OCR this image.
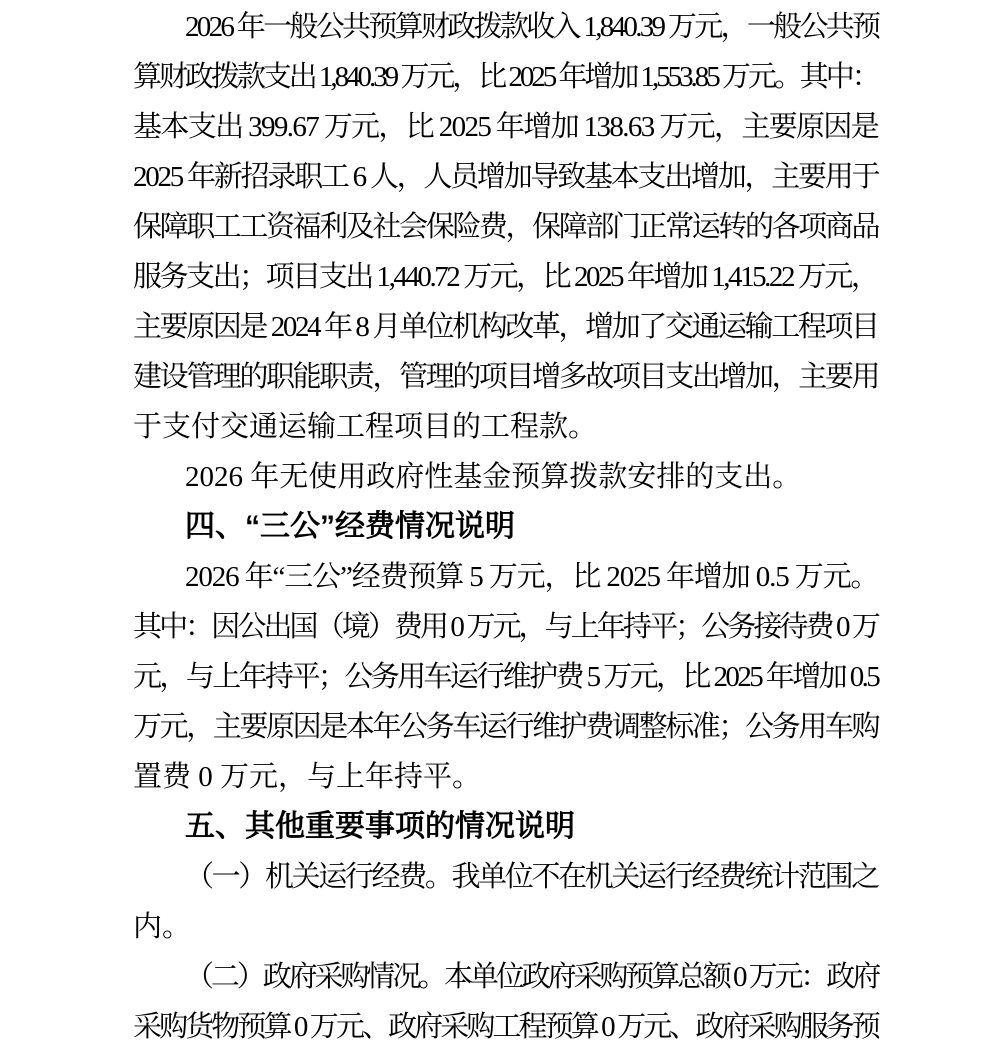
2026 年一般公共预算财政拨款收入 1,840.39 万元，一般公共预
算财政拨款支出 1,840.39 万元，比 2025 年增加 1,553.85 万元。其中：
基本支出 399.67 万元，比 2025 年增加 138.63 万元，主要原因是
2025 年新招录职工 6 人，人员增加导致基本支出增加，主要用于
保障职工工资福利及社会保险费，保障部门正常运转的各项商品
服务支出；项目支出 1,440.72 万元，比 2025 年增加 1,415.22 万元，
主要原因是 2024 年 8 月单位机构改革，增加了交通运输工程项目
建设管理的职能职责，管理的项目增多故项目支出增加，主要用
于支付交通运输工程项目的工程款。
2026 年无使用政府性基金预算拨款安排的支出。
四、“三公”经费情况说明
2026 年“三公”经费预算 5 万元，比 2025 年增加 0.5 万元。
其中：因公出国（境）费用 0 万元，与上年持平；公务接待费 0 万
元，与上年持平；公务用车运行维护费 5 万元，比 2025 年增加 0.5
万元，主要原因是本年公务车运行维护费调整标准；公务用车购
置费 0 万元，与上年持平。
五、其他重要事项的情况说明
（一）机关运行经费。我单位不在机关运行经费统计范围之
内。
（二）政府采购情况。本单位政府采购预算总额 0 万元：政府
采购货物预算 0 万元、政府采购工程预算 0 万元、政府采购服务预
